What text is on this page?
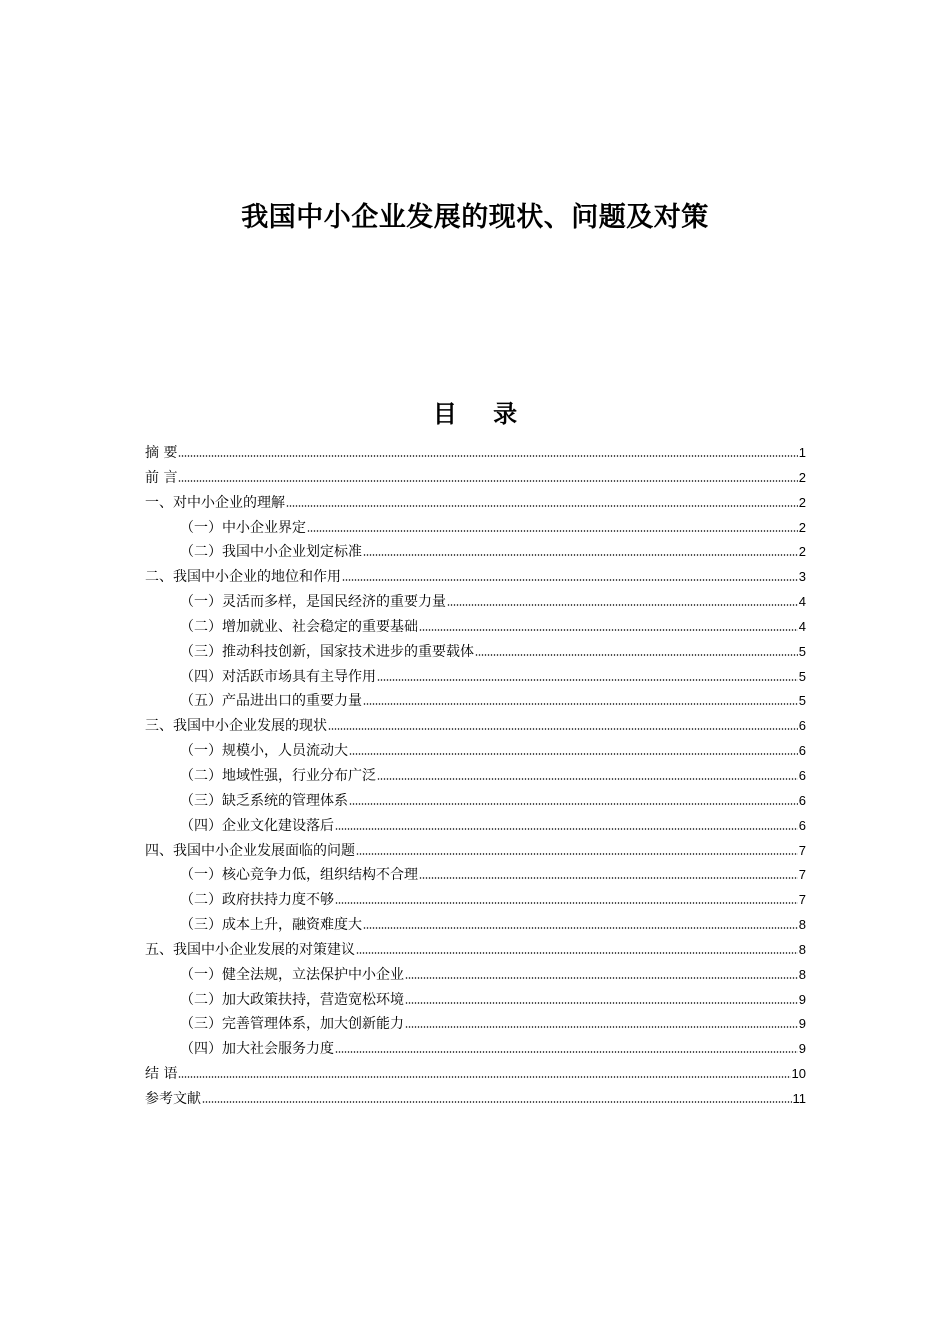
我国中小企业发展的现状、问题及对策
目 录
摘 要	1
前 言	2
一、对中小企业的理解	2
（一）中小企业界定	2
（二）我国中小企业划定标准	2
二、我国中小企业的地位和作用	3
（一）灵活而多样，是国民经济的重要力量	4
（二）增加就业、社会稳定的重要基础	4
（三）推动科技创新，国家技术进步的重要载体	5
（四）对活跃市场具有主导作用	5
（五）产品进出口的重要力量	5
三、我国中小企业发展的现状	6
（一）规模小，人员流动大	6
（二）地域性强，行业分布广泛	6
（三）缺乏系统的管理体系	6
（四）企业文化建设落后	6
四、我国中小企业发展面临的问题	7
（一）核心竞争力低，组织结构不合理	7
（二）政府扶持力度不够	7
（三）成本上升，融资难度大	8
五、我国中小企业发展的对策建议	8
（一）健全法规，立法保护中小企业	8
（二）加大政策扶持，营造宽松环境	9
（三）完善管理体系，加大创新能力	9
（四）加大社会服务力度	9
结 语	10
参考文献	11
